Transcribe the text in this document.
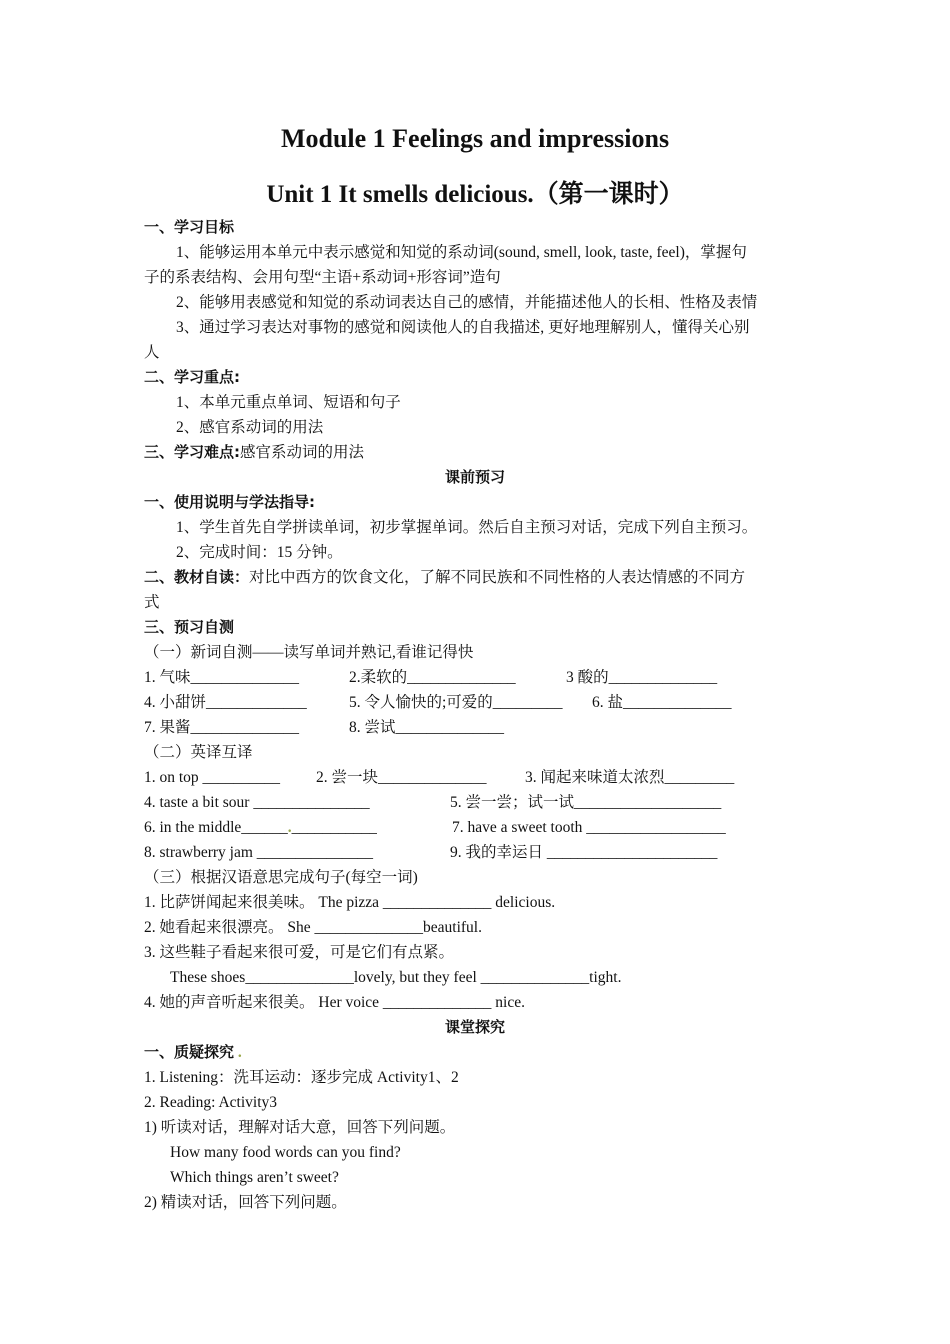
Module 1 Feelings and impressions
Unit 1 It smells delicious.（第一课时）
一、学习目标
1、能够运用本单元中表示感觉和知觉的系动词(sound, smell, look, taste, feel)，掌握句
子的系表结构、会用句型“主语+系动词+形容词”造句
2、能够用表感觉和知觉的系动词表达自己的感情，并能描述他人的长相、性格及表情
3、通过学习表达对事物的感觉和阅读他人的自我描述, 更好地理解别人，懂得关心别
人
二、学习重点:
1、本单元重点单词、短语和句子
2、感官系动词的用法
三、学习难点:感官系动词的用法
课前预习
一、使用说明与学法指导:
1、学生首先自学拼读单词，初步掌握单词。然后自主预习对话，完成下列自主预习。
2、完成时间：15 分钟。
二、教材自读：对比中西方的饮食文化，了解不同民族和不同性格的人表达情感的不同方
式
三、预习自测
（一）新词自测——读写单词并熟记,看谁记得快
1. 气味______________	2.柔软的______________	3 酸的______________
4. 小甜饼_____________	5. 令人愉快的;可爱的_________ 6. 盐______________
7. 果酱______________	8. 尝试______________
（二）英译互译
1. on top __________ 2. 尝一块______________ 3. 闻起来味道太浓烈_________
4. taste a bit sour _______________	5. 尝一尝；试一试___________________
6. in the middle______.___________	7. have a sweet tooth __________________
8. strawberry jam _______________	9. 我的幸运日 ______________________
（三）根据汉语意思完成句子(每空一词)
1. 比萨饼闻起来很美味。 The pizza ______________ delicious.
2. 她看起来很漂亮。 She ______________beautiful.
3. 这些鞋子看起来很可爱，可是它们有点紧。
These shoes______________lovely, but they feel ______________tight.
4. 她的声音听起来很美。 Her voice ______________ nice.
课堂探究
一、质疑探究 .
1. Listening：洗耳运动：逐步完成 Activity1、2
2. Reading: Activity3
1) 听读对话，理解对话大意，回答下列问题。
How many food words can you find?
Which things aren’t sweet?
2) 精读对话，回答下列问题。
